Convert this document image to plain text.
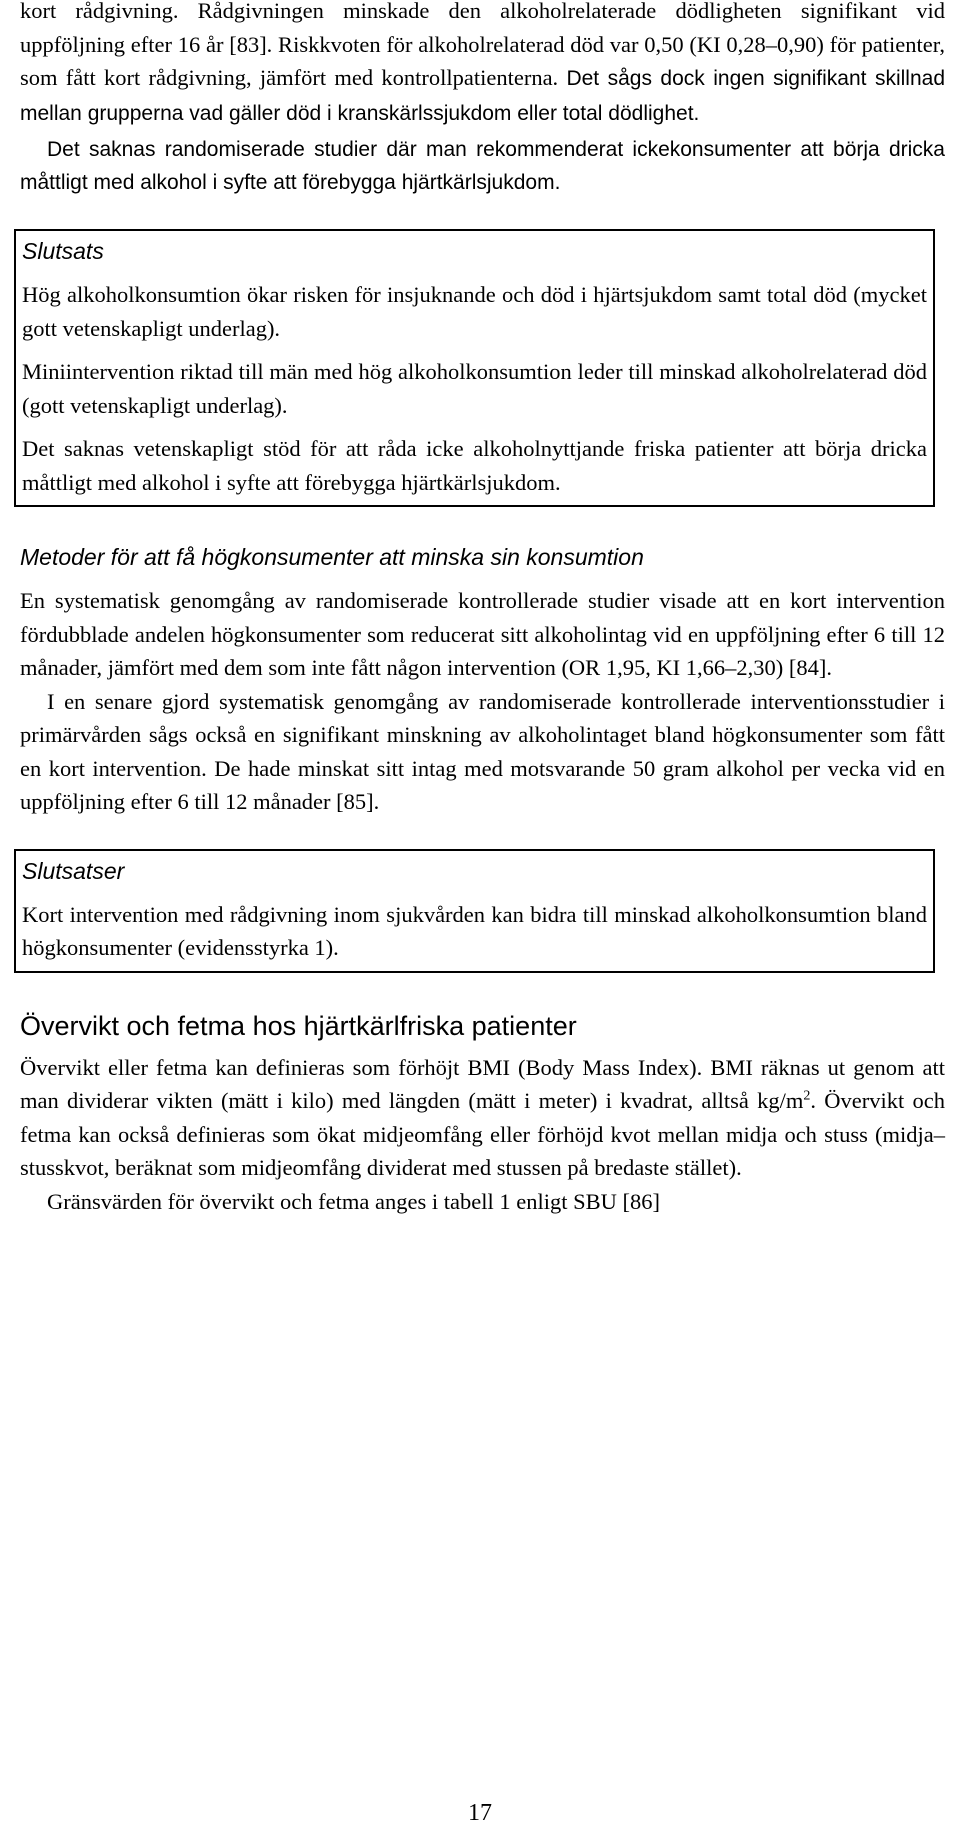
kort rådgivning. Rådgivningen minskade den alkoholrelaterade dödligheten signifikant vid uppföljning efter 16 år [83]. Riskkvoten för alkoholrelaterad död var 0,50 (KI 0,28–0,90) för patienter, som fått kort rådgivning, jämfört med kontrollpatienterna. Det sågs dock ingen signifikant skillnad mellan grupperna vad gäller död i kranskärlssjukdom eller total dödlighet.

Det saknas randomiserade studier där man rekommenderat ickekonsumenter att börja dricka måttligt med alkohol i syfte att förebygga hjärtkärlsjukdom.

Slutsats

Hög alkoholkonsumtion ökar risken för insjuknande och död i hjärtsjukdom samt total död (mycket gott vetenskapligt underlag).

Miniintervention riktad till män med hög alkoholkonsumtion leder till minskad alkoholrelaterad död (gott vetenskapligt underlag).

Det saknas vetenskapligt stöd för att råda icke alkoholnyttjande friska patienter att börja dricka måttligt med alkohol i syfte att förebygga hjärtkärlsjukdom.

Metoder för att få högkonsumenter att minska sin konsumtion

En systematisk genomgång av randomiserade kontrollerade studier visade att en kort intervention fördubblade andelen högkonsumenter som reducerat sitt alkoholintag vid en uppföljning efter 6 till 12 månader, jämfört med dem som inte fått någon intervention (OR 1,95, KI 1,66–2,30) [84].

I en senare gjord systematisk genomgång av randomiserade kontrollerade interventionsstudier i primärvården sågs också en signifikant minskning av alkoholintaget bland högkonsumenter som fått en kort intervention. De hade minskat sitt intag med motsvarande 50 gram alkohol per vecka vid en uppföljning efter 6 till 12 månader [85].

Slutsatser

Kort intervention med rådgivning inom sjukvården kan bidra till minskad alkoholkonsumtion bland högkonsumenter (evidensstyrka 1).

Övervikt och fetma hos hjärtkärlfriska patienter

Övervikt eller fetma kan definieras som förhöjt BMI (Body Mass Index). BMI räknas ut genom att man dividerar vikten (mätt i kilo) med längden (mätt i meter) i kvadrat, alltså $kg/m^2$. Övervikt och fetma kan också definieras som ökat midjeomfång eller förhöjd kvot mellan midja och stuss (midja–stusskvot, beräknat som midjeomfång dividerat med stussen på bredaste stället).

Gränsvärden för övervikt och fetma anges i tabell 1 enligt SBU [86]

17
